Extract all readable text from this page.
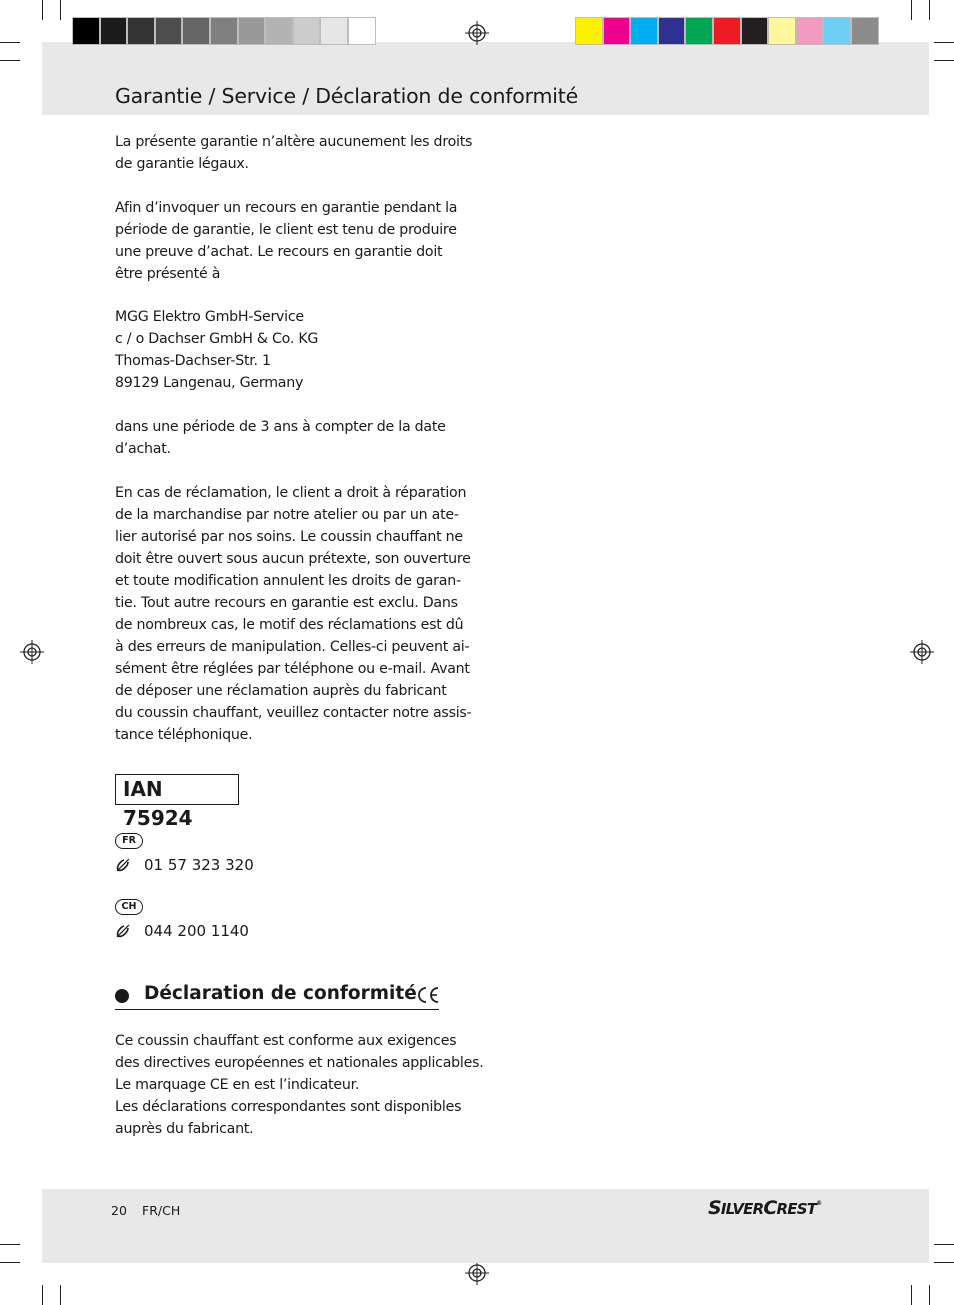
Garantie / Service / Déclaration de conformité
La présente garantie n’altère aucunement les droits
de garantie légaux.
Afin d’invoquer un recours en garantie pendant la
période de garantie, le client est tenu de produire
une preuve d’achat. Le recours en garantie doit
être présenté à
MGG Elektro GmbH-Service
c / o Dachser GmbH & Co. KG
Thomas-Dachser-Str. 1
89129 Langenau, Germany
dans une période de 3 ans à compter de la date
d’achat.
En cas de réclamation, le client a droit à réparation
de la marchandise par notre atelier ou par un ate-
lier autorisé par nos soins. Le coussin chauffant ne
doit être ouvert sous aucun prétexte, son ouverture
et toute modification annulent les droits de garan-
tie. Tout autre recours en garantie est exclu. Dans
de nombreux cas, le motif des réclamations est dû
à des erreurs de manipulation. Celles-ci peuvent ai-
sément être réglées par téléphone ou e-mail. Avant
de déposer une réclamation auprès du fabricant
du coussin chauffant, veuillez contacter notre assis-
tance téléphonique.
IAN 75924
FR
01 57 323 320
CH
044 200 1140
Déclaration de conformité
Ce coussin chauffant est conforme aux exigences
des directives européennes et nationales applicables.
Le marquage CE en est l’indicateur.
Les déclarations correspondantes sont disponibles
auprès du fabricant.
20 FR/CH	SILVERCREST®
